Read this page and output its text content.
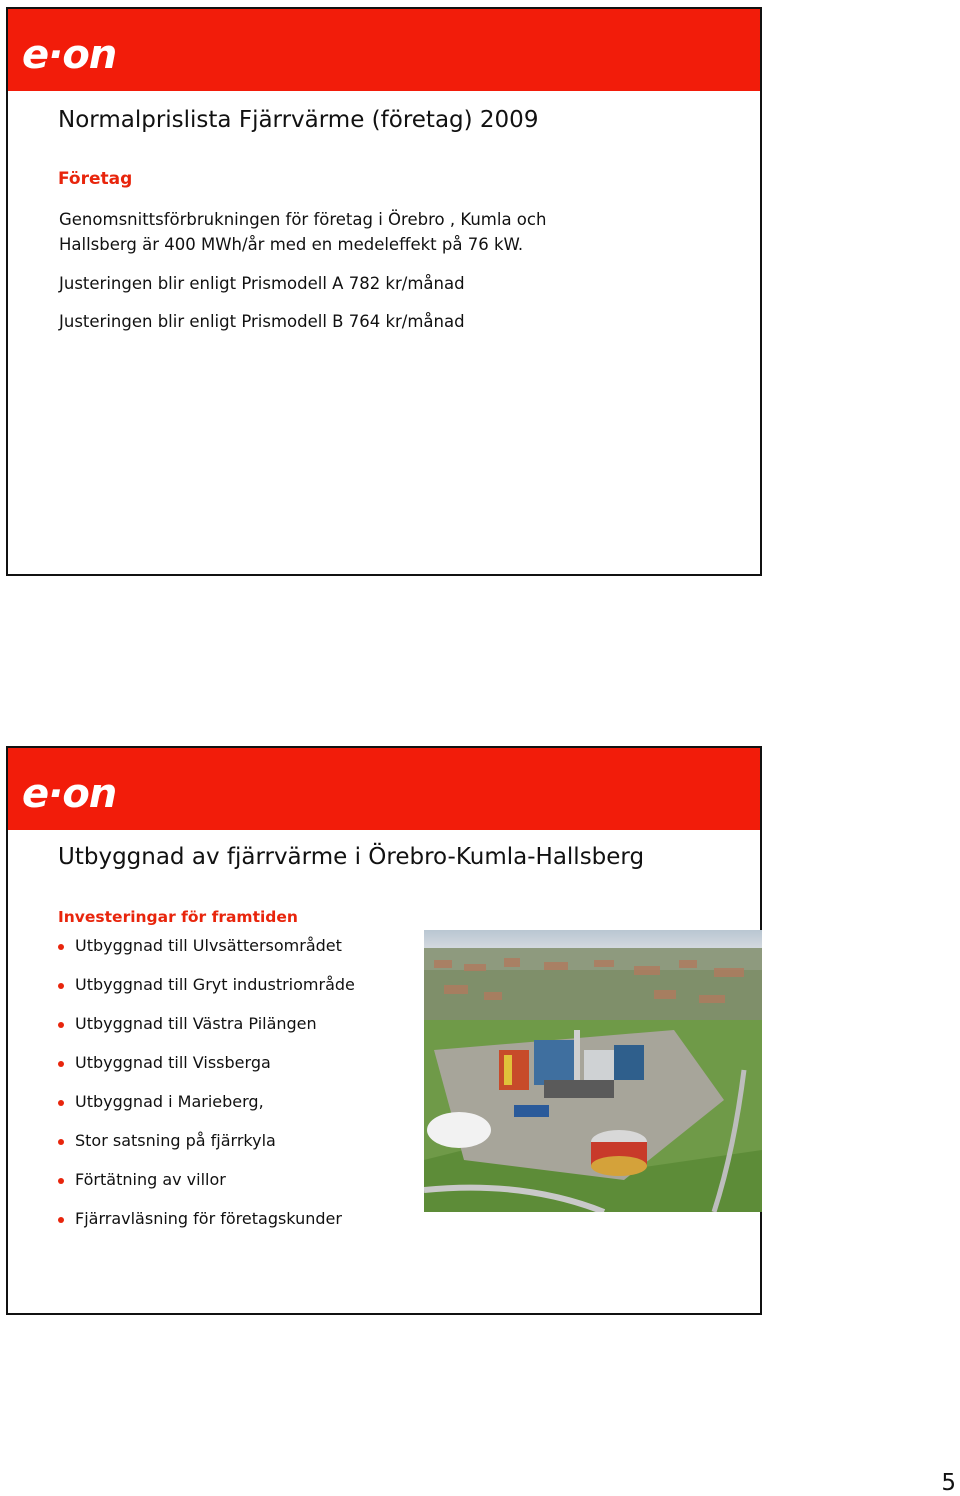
e·on
Normalprislista Fjärrvärme (företag) 2009
Företag
Genomsnittsförbrukningen för företag i Örebro , Kumla och
Hallsberg är 400 MWh/år med en medeleffekt på 76 kW.
Justeringen blir enligt Prismodell A 782 kr/månad
Justeringen blir enligt Prismodell B 764 kr/månad
e·on
Utbyggnad av fjärrvärme i Örebro-Kumla-Hallsberg
Investeringar för framtiden
Utbyggnad till Ulvsättersområdet
Utbyggnad till Gryt industriområde
Utbyggnad till Västra Pilängen
Utbyggnad till Vissberga
Utbyggnad i Marieberg,
Stor satsning på fjärrkyla
Förtätning av villor
Fjärravläsning för företagskunder
5
